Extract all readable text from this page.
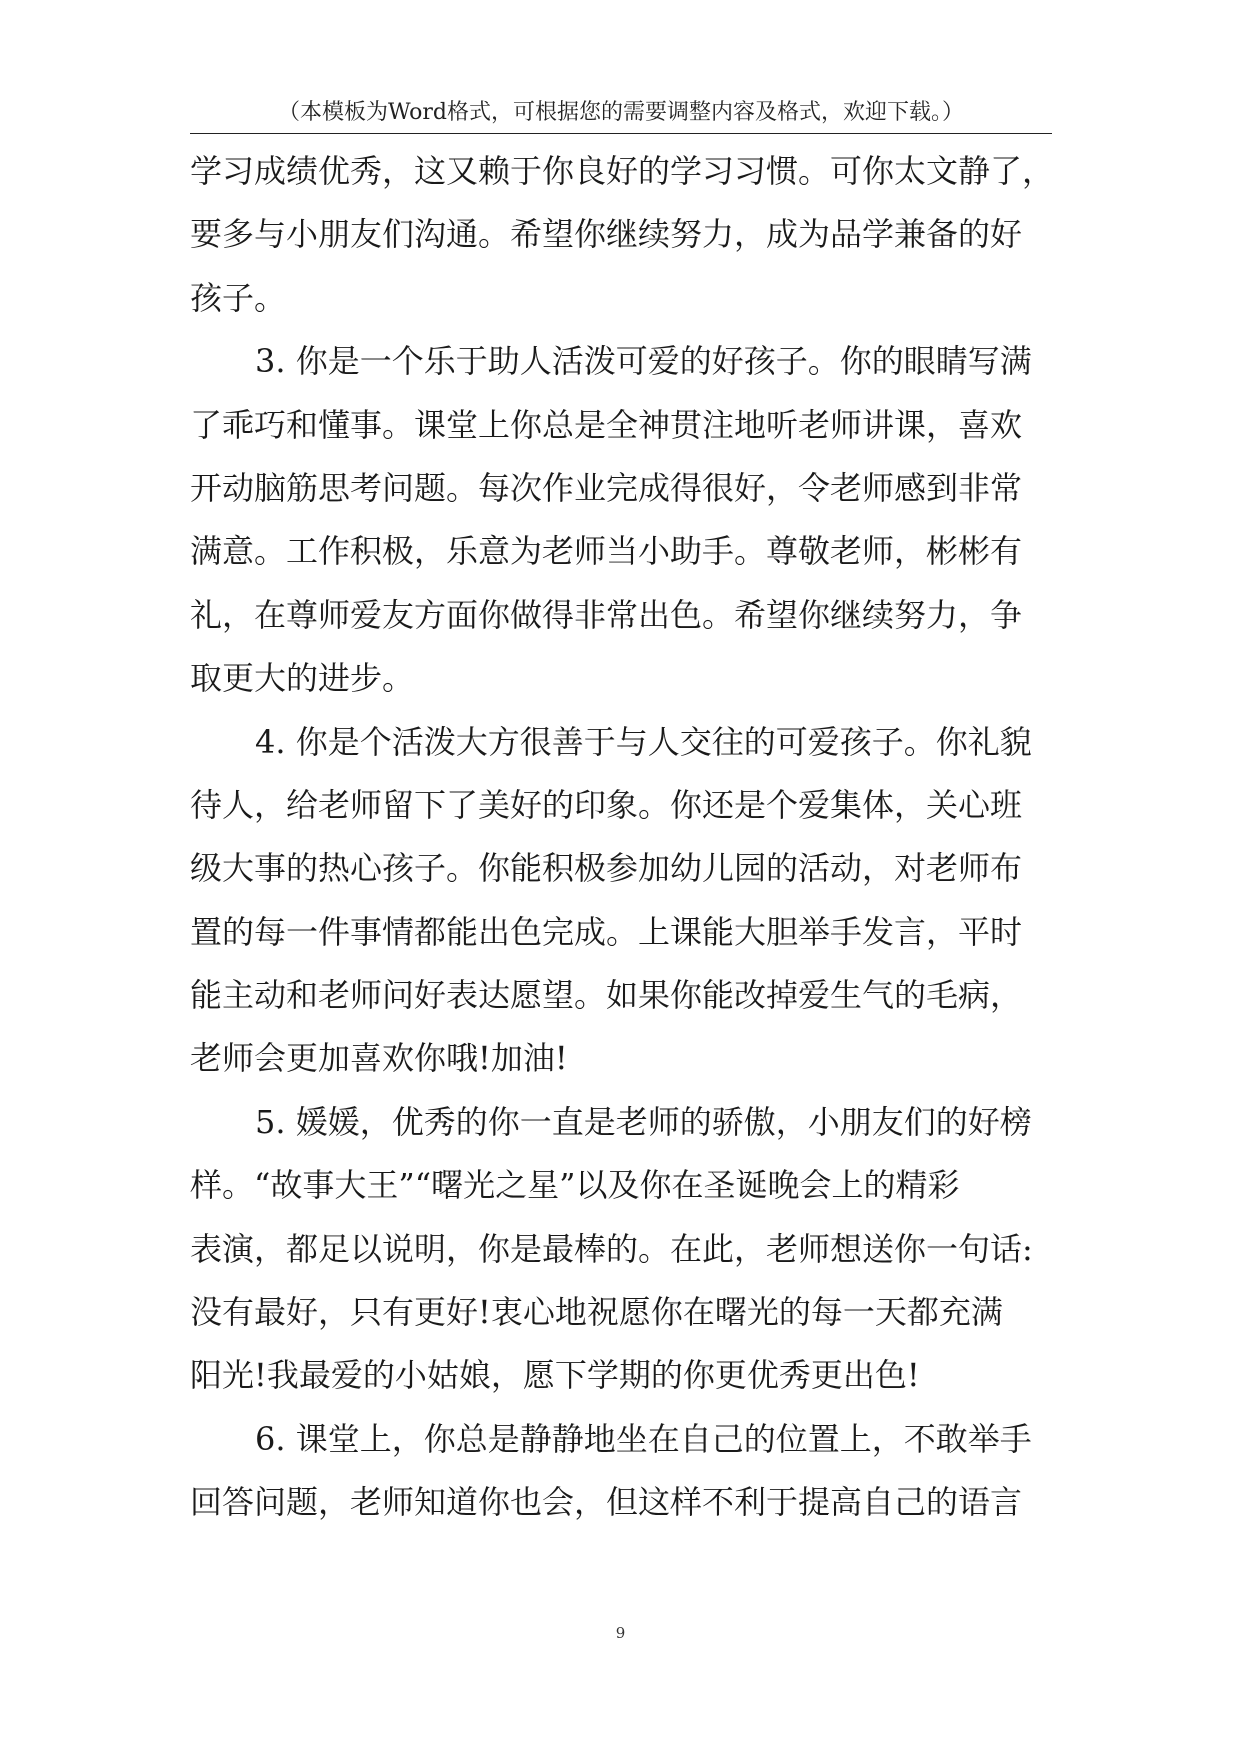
（本模板为Word格式，可根据您的需要调整内容及格式，欢迎下载。）
学习成绩优秀，这又赖于你良好的学习习惯。可你太文静了，
要多与小朋友们沟通。希望你继续努力，成为品学兼备的好
孩子。
3. 你是一个乐于助人活泼可爱的好孩子。你的眼睛写满
了乖巧和懂事。课堂上你总是全神贯注地听老师讲课，喜欢
开动脑筋思考问题。每次作业完成得很好，令老师感到非常
满意。工作积极，乐意为老师当小助手。尊敬老师，彬彬有
礼，在尊师爱友方面你做得非常出色。希望你继续努力，争
取更大的进步。
4. 你是个活泼大方很善于与人交往的可爱孩子。你礼貌
待人，给老师留下了美好的印象。你还是个爱集体，关心班
级大事的热心孩子。你能积极参加幼儿园的活动，对老师布
置的每一件事情都能出色完成。上课能大胆举手发言，平时
能主动和老师问好表达愿望。如果你能改掉爱生气的毛病，
老师会更加喜欢你哦!加油!
5. 媛媛，优秀的你一直是老师的骄傲，小朋友们的好榜
样。“故事大王”“曙光之星”以及你在圣诞晚会上的精彩
表演，都足以说明，你是最棒的。在此，老师想送你一句话:
没有最好，只有更好!衷心地祝愿你在曙光的每一天都充满
阳光!我最爱的小姑娘，愿下学期的你更优秀更出色!
6. 课堂上，你总是静静地坐在自己的位置上，不敢举手
回答问题，老师知道你也会，但这样不利于提高自己的语言
9
